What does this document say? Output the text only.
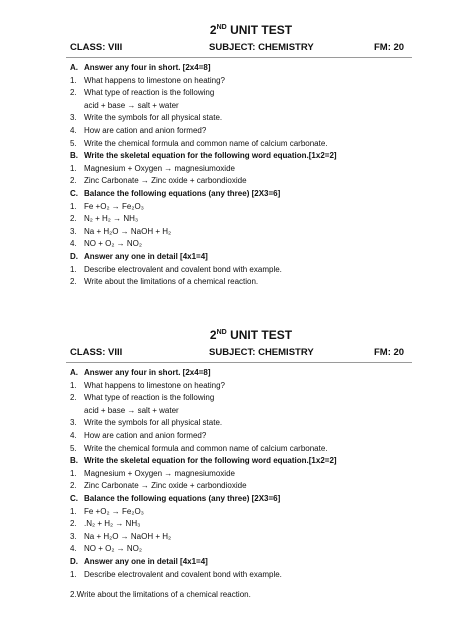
2ND UNIT TEST
CLASS: VIII	SUBJECT: CHEMISTRY	FM: 20
A. Answer any four in short. [2x4=8]
1. What happens to limestone on heating?
2. What type of reaction is the following
acid + base → salt + water
3. Write the symbols for all physical state.
4. How are cation and anion formed?
5. Write the chemical formula and common name of calcium carbonate.
B. Write the skeletal equation for the following word equation.[1x2=2]
1. Magnesium + Oxygen → magnesiumoxide
2. Zinc Carbonate → Zinc oxide + carbondioxide
C. Balance the following equations (any three) [2X3=6]
1. Fe +O₂ → Fe₂O₃
2. N₂ + H₂ → NH₃
3. Na + H₂O → NaOH + H₂
4. NO + O₂ → NO₂
D. Answer any one in detail [4x1=4]
1. Describe electrovalent and covalent bond with example.
2. Write about the limitations of a chemical reaction.
2ND UNIT TEST
CLASS: VIII	SUBJECT: CHEMISTRY	FM: 20
A. Answer any four in short. [2x4=8]
1. What happens to limestone on heating?
2. What type of reaction is the following
acid + base → salt + water
3. Write the symbols for all physical state.
4. How are cation and anion formed?
5. Write the chemical formula and common name of calcium carbonate.
B. Write the skeletal equation for the following word equation.[1x2=2]
1. Magnesium + Oxygen → magnesiumoxide
2. Zinc Carbonate → Zinc oxide + carbondioxide
C. Balance the following equations (any three) [2X3=6]
1. Fe +O₂ → Fe₂O₃
2. .N₂ + H₂ → NH₃
3. Na + H₂O → NaOH + H₂
4. NO + O₂ → NO₂
D. Answer any one in detail [4x1=4]
1. Describe electrovalent and covalent bond with example.
2.Write about the limitations of a chemical reaction.
